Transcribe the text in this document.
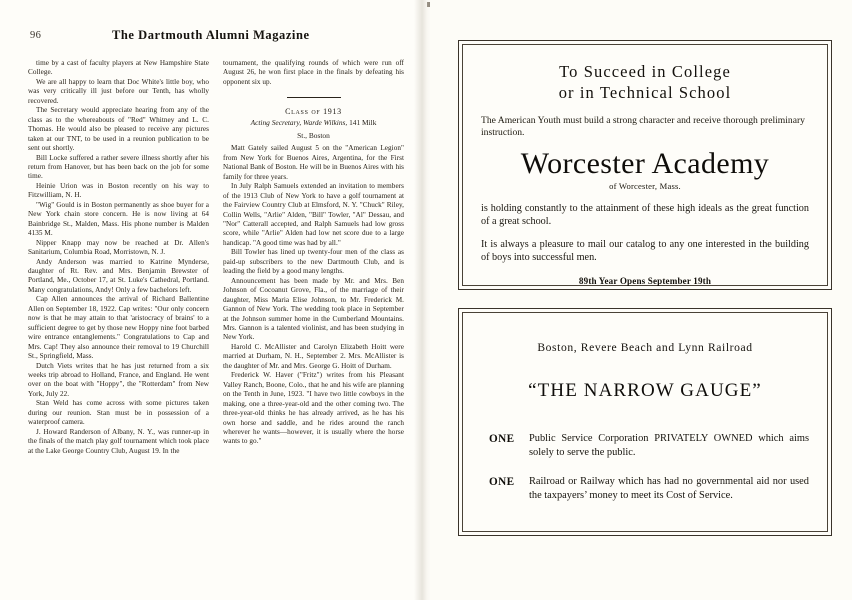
96	The Dartmouth Alumni Magazine

time by a cast of faculty players at New Hampshire State College.

We are all happy to learn that Doc White's little boy, who was very critically ill just before our Tenth, has wholly recovered.

The Secretary would appreciate hearing from any of the class as to the whereabouts of "Red" Whitney and L. C. Thomas. He would also be pleased to receive any pictures taken at our TNT, to be used in a reunion publication to be sent out shortly.

Bill Locke suffered a rather severe illness shortly after his return from Hanover, but has been back on the job for some time.

Heinie Urion was in Boston recently on his way to Fitzwilliam, N. H.

"Wig" Gould is in Boston permanently as shoe buyer for a New York chain store concern. He is now living at 64 Bainbridge St., Malden, Mass. His phone number is Malden 4135 M.

Nipper Knapp may now be reached at Dr. Allen's Sanitarium, Columbia Road, Morristown, N. J.

Andy Anderson was married to Katrine Mynderse, daughter of Rt. Rev. and Mrs. Benjamin Brewster of Portland, Me., October 17, at St. Luke's Cathedral, Portland. Many congratulations, Andy! Only a few bachelors left.

Cap Allen announces the arrival of Richard Ballentine Allen on September 18, 1922. Cap writes: "Our only concern now is that he may attain to that 'aristocracy of brains' to a sufficient degree to get by those new Hoppy nine foot barbed wire entrance entanglements." Congratulations to Cap and Mrs. Cap! They also announce their removal to 19 Churchill St., Springfield, Mass.

Dutch Viets writes that he has just returned from a six weeks trip abroad to Holland, France, and England. He went over on the boat with "Hoppy", the "Rotterdam" from New York, July 22.

Stan Weld has come across with some pictures taken during our reunion. Stan must be in possession of a waterproof camera.

J. Howard Randerson of Albany, N. Y., was runner-up in the finals of the match play golf tournament which took place at the Lake George Country Club, August 19. In the

tournament, the qualifying rounds of which were run off August 26, he won first place in the finals by defeating his opponent six up.

Class of 1913
Acting Secretary, Warde Wilkins, 141 Milk
St., Boston

Matt Gately sailed August 5 on the "American Legion" from New York for Buenos Aires, Argentina, for the First National Bank of Boston. He will be in Buenos Aires with his family for three years.

In July Ralph Samuels extended an invitation to members of the 1913 Club of New York to have a golf tournament at the Fairview Country Club at Elmsford, N. Y. "Chuck" Riley, Collin Wells, "Arlie" Alden, "Bill" Towler, "Al" Dessau, and "Nor" Catterall accepted, and Ralph Samuels had low gross score, while "Arlie" Alden had low net score due to a large handicap. "A good time was had by all."

Bill Towler has lined up twenty-four men of the class as paid-up subscribers to the new Dartmouth Club, and is leading the field by a good many lengths.

Announcement has been made by Mr. and Mrs. Ben Johnson of Cocoanut Grove, Fla., of the marriage of their daughter, Miss Maria Elise Johnson, to Mr. Frederick M. Gannon of New York. The wedding took place in September at the Johnson summer home in the Cumberland Mountains. Mrs. Gannon is a talented violinist, and has been studying in New York.

Harold C. McAllister and Carolyn Elizabeth Hoitt were married at Durham, N. H., September 2. Mrs. McAllister is the daughter of Mr. and Mrs. George G. Hoitt of Durham.

Frederick W. Haver ("Fritz") writes from his Pleasant Valley Ranch, Boone, Colo., that he and his wife are planning on the Tenth in June, 1923. "I have two little cowboys in the making, one a three-year-old and the other coming two. The three-year-old thinks he has already arrived, as he has his own horse and saddle, and he rides around the ranch wherever he wants—however, it is usually where the horse wants to go."

To Succeed in College
or in Technical School

The American Youth must build a strong character and receive thorough preliminary instruction.

Worcester Academy
of Worcester, Mass.

is holding constantly to the attainment of these high ideals as the great function of a great school.

It is always a pleasure to mail our catalog to any one interested in the building of boys into successful men.

89th Year Opens September 19th
Boston, Revere Beach and Lynn Railroad
“THE NARROW GAUGE”
ONE	Public Service Corporation PRIVATELY OWNED which aims solely to serve the public.
ONE	Railroad or Railway which has had no governmental aid nor used the taxpayers’ money to meet its Cost of Service.
